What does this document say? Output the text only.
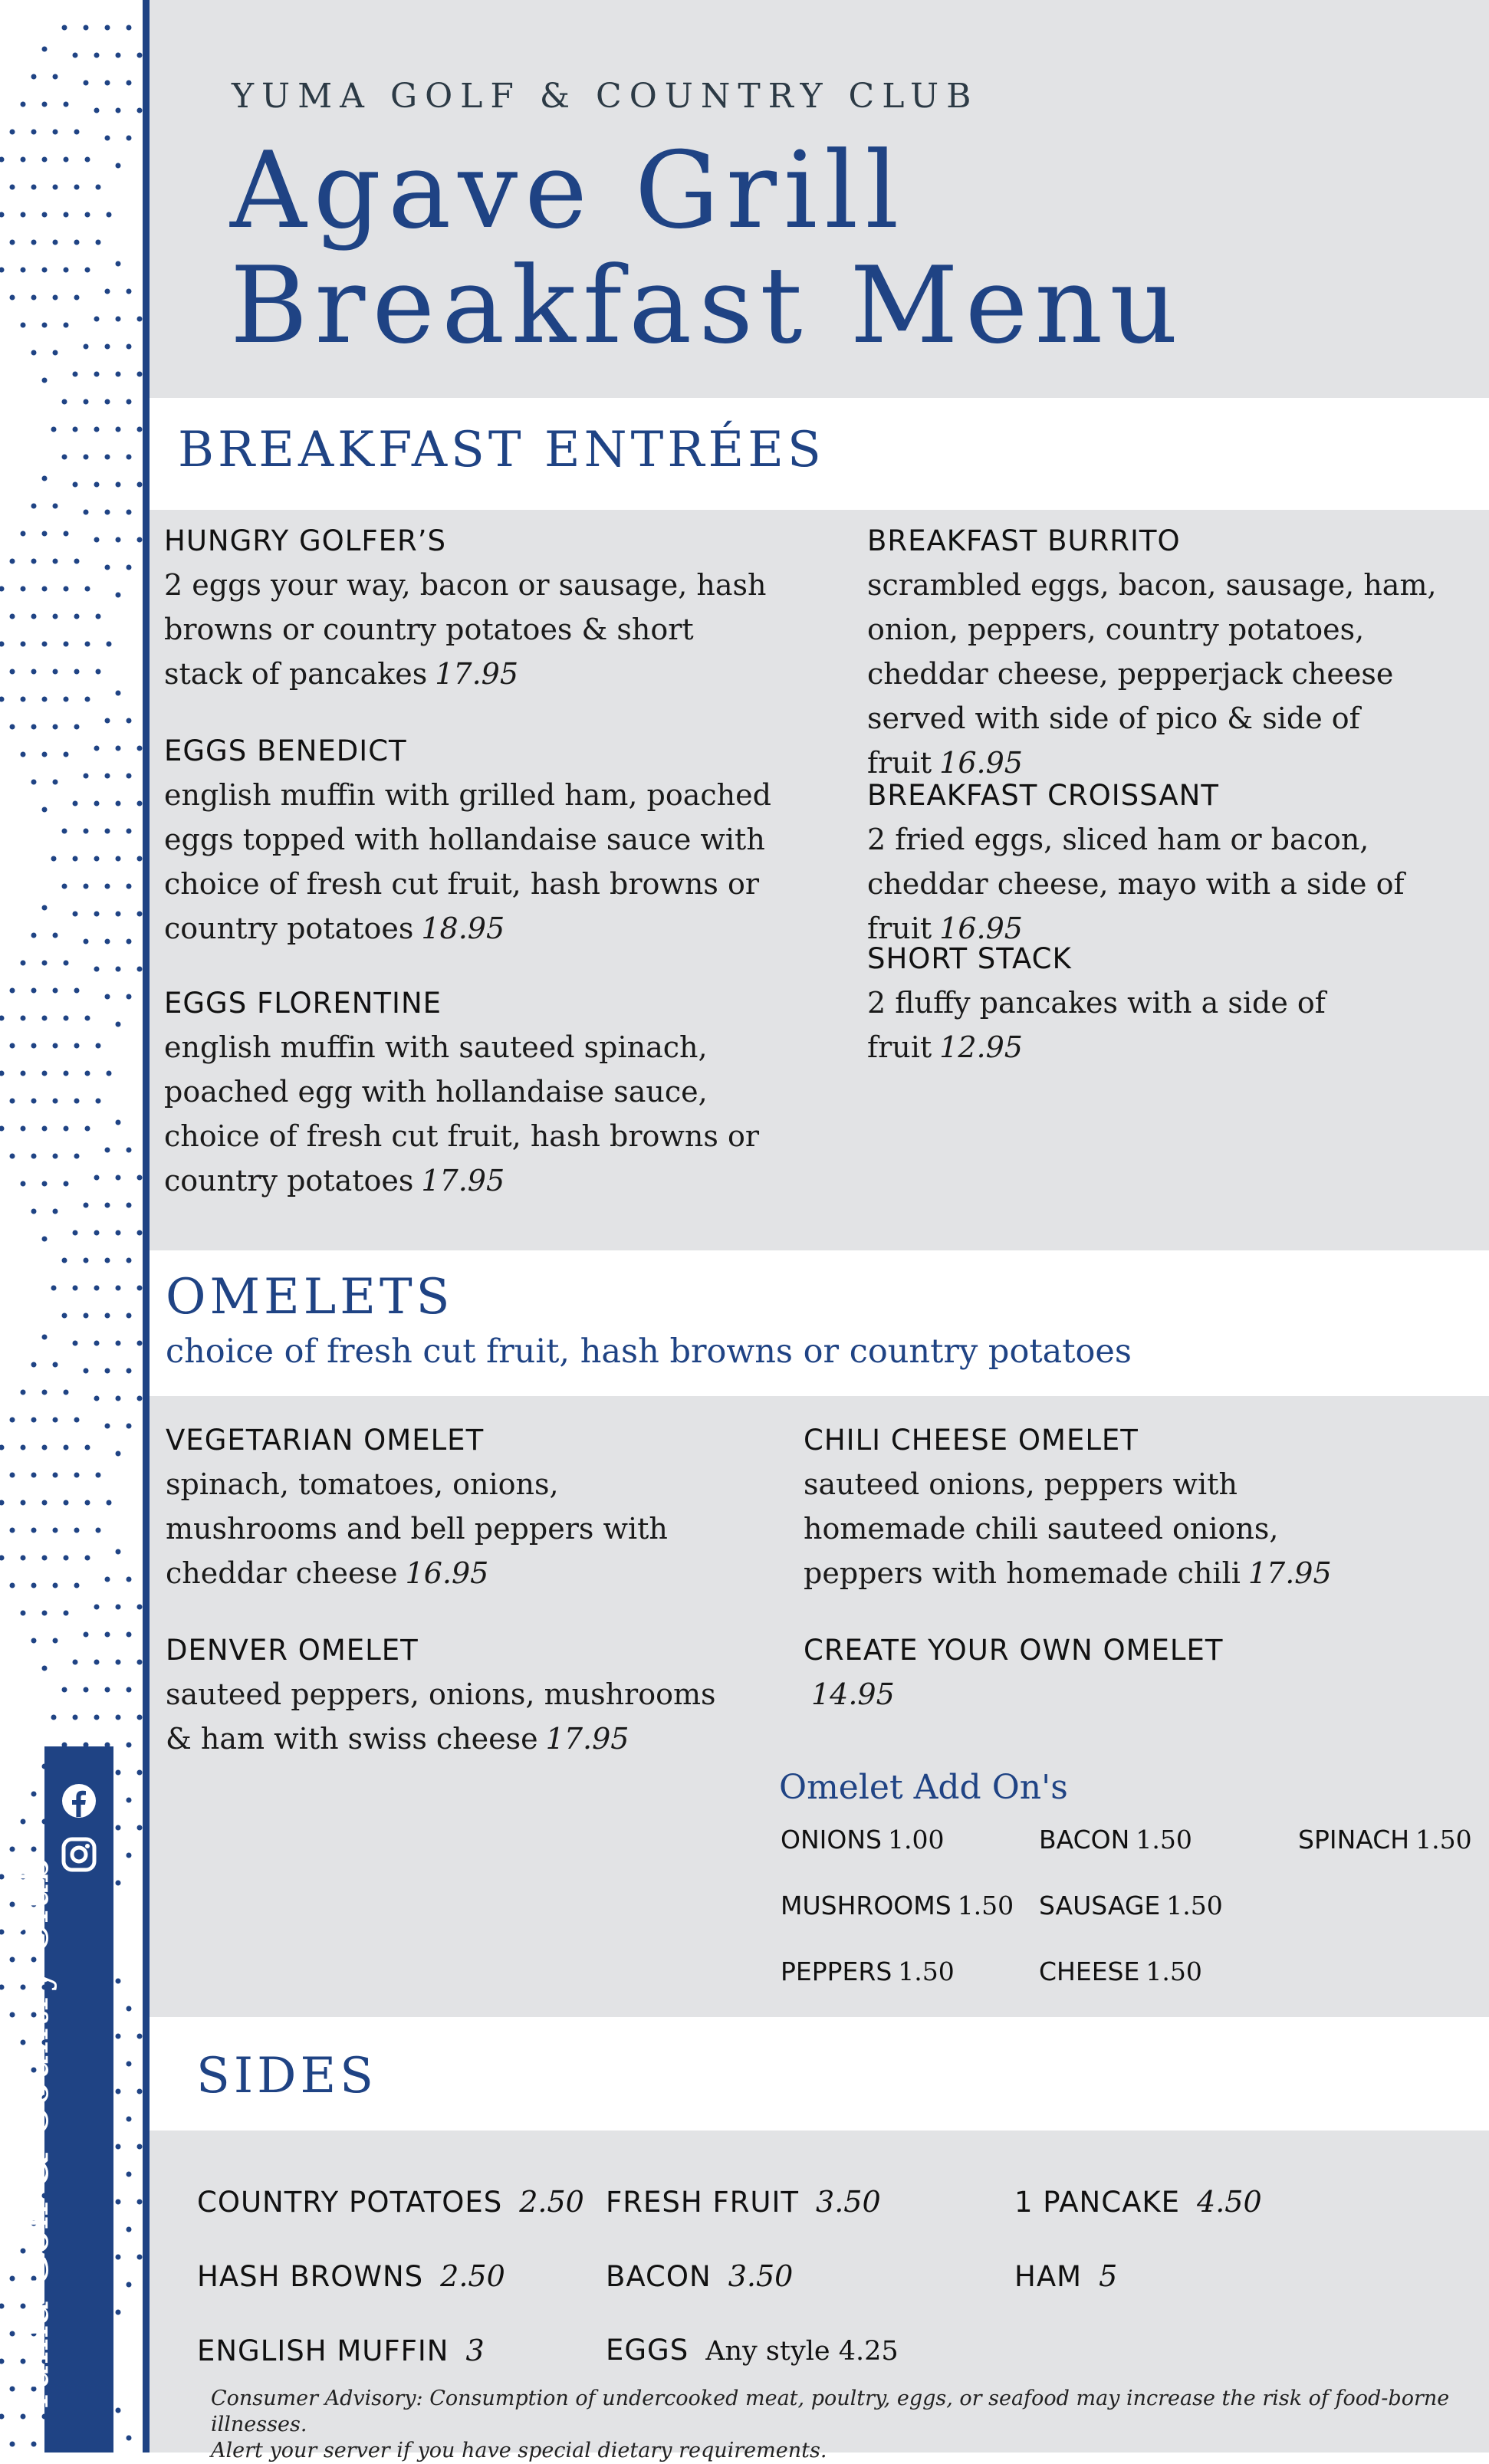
YUMA GOLF & COUNTRY CLUB
Agave Grill
Breakfast Menu
BREAKFAST ENTRÉES
HUNGRY GOLFER’S
2 eggs your way, bacon or sausage, hash browns or country potatoes & short stack of pancakes 17.95
EGGS BENEDICT
english muffin with grilled ham, poached eggs topped with hollandaise sauce with choice of fresh cut fruit, hash browns or country potatoes 18.95
EGGS FLORENTINE
english muffin with sauteed spinach, poached egg with hollandaise sauce, choice of fresh cut fruit, hash browns or country potatoes 17.95
BREAKFAST BURRITO
scrambled eggs, bacon, sausage, ham, onion, peppers, country potatoes, cheddar cheese, pepperjack cheese served with side of pico & side of fruit 16.95
BREAKFAST CROISSANT
2 fried eggs, sliced ham or bacon, cheddar cheese, mayo with a side of fruit 16.95
SHORT STACK
2 fluffy pancakes with a side of fruit 12.95
OMELETS
choice of fresh cut fruit, hash browns or country potatoes
VEGETARIAN OMELET
spinach, tomatoes, onions, mushrooms and bell peppers with cheddar cheese 16.95
DENVER OMELET
sauteed peppers, onions, mushrooms & ham with swiss cheese 17.95
CHILI CHEESE OMELET
sauteed onions, peppers with homemade chili sauteed onions, peppers with homemade chili 17.95
CREATE YOUR OWN OMELET
14.95
Omelet Add On's
ONIONS 1.00	BACON 1.50	SPINACH 1.50
MUSHROOMS 1.50 SAUSAGE 1.50
PEPPERS 1.50	CHEESE 1.50
SIDES
COUNTRY POTATOES 2.50 FRESH FRUIT 3.50	1 PANCAKE 4.50
HASH BROWNS 2.50	BACON 3.50	HAM 5
ENGLISH MUFFIN 3	EGGS Any style 4.25
Consumer Advisory: Consumption of undercooked meat, poultry, eggs, or seafood may increase the risk of food-borne illnesses.
Alert your server if you have special dietary requirements.
Yuma Golf & Country Club
